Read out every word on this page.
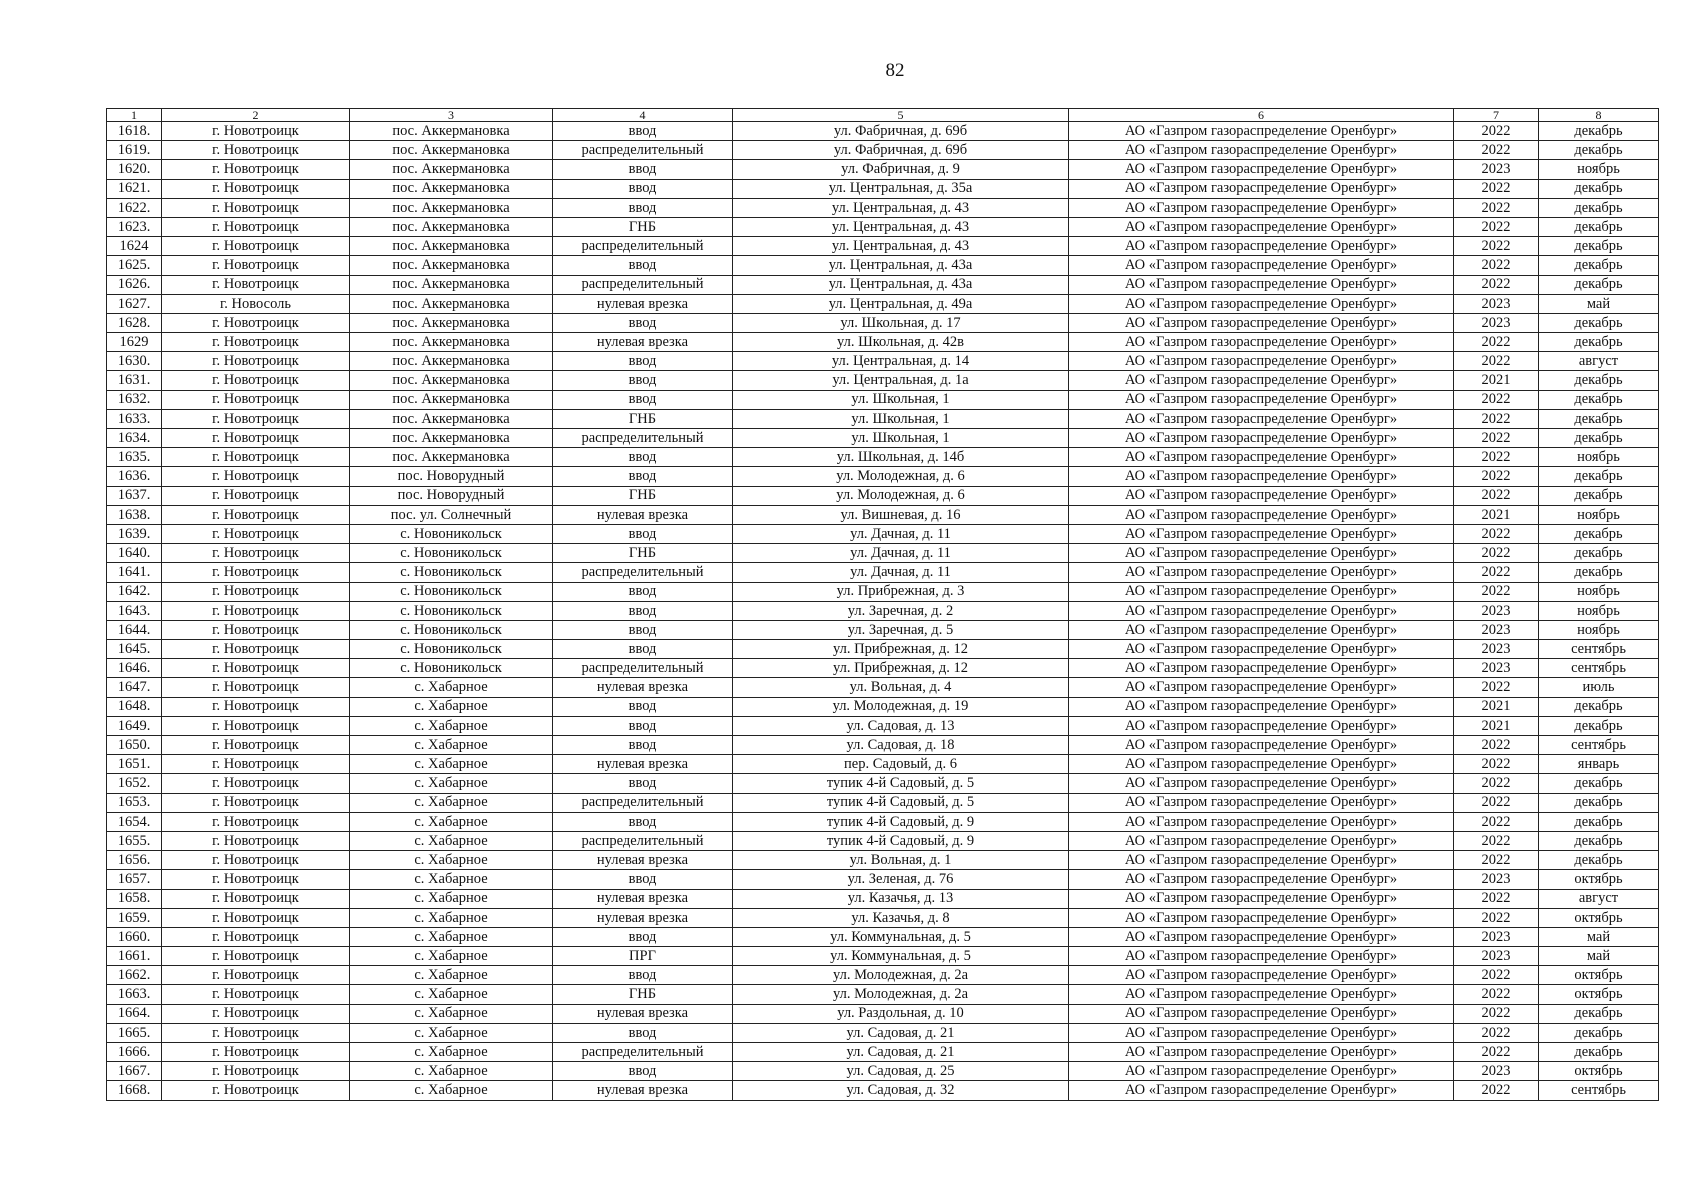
82
1	2	3	4	5	6	7	8
1618.	г. Новотроицк	пос. Аккермановка	ввод	ул. Фабричная, д. 69б	АО «Газпром газораспределение Оренбург»	2022	декабрь
1619.	г. Новотроицк	пос. Аккермановка	распределительный	ул. Фабричная, д. 69б	АО «Газпром газораспределение Оренбург»	2022	декабрь
1620.	г. Новотроицк	пос. Аккермановка	ввод	ул. Фабричная, д. 9	АО «Газпром газораспределение Оренбург»	2023	ноябрь
1621.	г. Новотроицк	пос. Аккермановка	ввод	ул. Центральная, д. 35а	АО «Газпром газораспределение Оренбург»	2022	декабрь
1622.	г. Новотроицк	пос. Аккермановка	ввод	ул. Центральная, д. 43	АО «Газпром газораспределение Оренбург»	2022	декабрь
1623.	г. Новотроицк	пос. Аккермановка	ГНБ	ул. Центральная, д. 43	АО «Газпром газораспределение Оренбург»	2022	декабрь
1624	г. Новотроицк	пос. Аккермановка	распределительный	ул. Центральная, д. 43	АО «Газпром газораспределение Оренбург»	2022	декабрь
1625.	г. Новотроицк	пос. Аккермановка	ввод	ул. Центральная, д. 43а	АО «Газпром газораспределение Оренбург»	2022	декабрь
1626.	г. Новотроицк	пос. Аккермановка	распределительный	ул. Центральная, д. 43а	АО «Газпром газораспределение Оренбург»	2022	декабрь
1627.	г. Новосоль	пос. Аккермановка	нулевая врезка	ул. Центральная, д. 49а	АО «Газпром газораспределение Оренбург»	2023	май
1628.	г. Новотроицк	пос. Аккермановка	ввод	ул. Школьная, д. 17	АО «Газпром газораспределение Оренбург»	2023	декабрь
1629	г. Новотроицк	пос. Аккермановка	нулевая врезка	ул. Школьная, д. 42в	АО «Газпром газораспределение Оренбург»	2022	декабрь
1630.	г. Новотроицк	пос. Аккермановка	ввод	ул. Центральная, д. 14	АО «Газпром газораспределение Оренбург»	2022	август
1631.	г. Новотроицк	пос. Аккермановка	ввод	ул. Центральная, д. 1а	АО «Газпром газораспределение Оренбург»	2021	декабрь
1632.	г. Новотроицк	пос. Аккермановка	ввод	ул. Школьная, 1	АО «Газпром газораспределение Оренбург»	2022	декабрь
1633.	г. Новотроицк	пос. Аккермановка	ГНБ	ул. Школьная, 1	АО «Газпром газораспределение Оренбург»	2022	декабрь
1634.	г. Новотроицк	пос. Аккермановка	распределительный	ул. Школьная, 1	АО «Газпром газораспределение Оренбург»	2022	декабрь
1635.	г. Новотроицк	пос. Аккермановка	ввод	ул. Школьная, д. 14б	АО «Газпром газораспределение Оренбург»	2022	ноябрь
1636.	г. Новотроицк	пос. Новорудный	ввод	ул. Молодежная, д. 6	АО «Газпром газораспределение Оренбург»	2022	декабрь
1637.	г. Новотроицк	пос. Новорудный	ГНБ	ул. Молодежная, д. 6	АО «Газпром газораспределение Оренбург»	2022	декабрь
1638.	г. Новотроицк	пос. ул. Солнечный	нулевая врезка	ул. Вишневая, д. 16	АО «Газпром газораспределение Оренбург»	2021	ноябрь
1639.	г. Новотроицк	с. Новоникольск	ввод	ул. Дачная, д. 11	АО «Газпром газораспределение Оренбург»	2022	декабрь
1640.	г. Новотроицк	с. Новоникольск	ГНБ	ул. Дачная, д. 11	АО «Газпром газораспределение Оренбург»	2022	декабрь
1641.	г. Новотроицк	с. Новоникольск	распределительный	ул. Дачная, д. 11	АО «Газпром газораспределение Оренбург»	2022	декабрь
1642.	г. Новотроицк	с. Новоникольск	ввод	ул. Прибрежная, д. 3	АО «Газпром газораспределение Оренбург»	2022	ноябрь
1643.	г. Новотроицк	с. Новоникольск	ввод	ул. Заречная, д. 2	АО «Газпром газораспределение Оренбург»	2023	ноябрь
1644.	г. Новотроицк	с. Новоникольск	ввод	ул. Заречная, д. 5	АО «Газпром газораспределение Оренбург»	2023	ноябрь
1645.	г. Новотроицк	с. Новоникольск	ввод	ул. Прибрежная, д. 12	АО «Газпром газораспределение Оренбург»	2023	сентябрь
1646.	г. Новотроицк	с. Новоникольск	распределительный	ул. Прибрежная, д. 12	АО «Газпром газораспределение Оренбург»	2023	сентябрь
1647.	г. Новотроицк	с. Хабарное	нулевая врезка	ул. Вольная, д. 4	АО «Газпром газораспределение Оренбург»	2022	июль
1648.	г. Новотроицк	с. Хабарное	ввод	ул. Молодежная, д. 19	АО «Газпром газораспределение Оренбург»	2021	декабрь
1649.	г. Новотроицк	с. Хабарное	ввод	ул. Садовая, д. 13	АО «Газпром газораспределение Оренбург»	2021	декабрь
1650.	г. Новотроицк	с. Хабарное	ввод	ул. Садовая, д. 18	АО «Газпром газораспределение Оренбург»	2022	сентябрь
1651.	г. Новотроицк	с. Хабарное	нулевая врезка	пер. Садовый, д. 6	АО «Газпром газораспределение Оренбург»	2022	январь
1652.	г. Новотроицк	с. Хабарное	ввод	тупик 4-й Садовый, д. 5	АО «Газпром газораспределение Оренбург»	2022	декабрь
1653.	г. Новотроицк	с. Хабарное	распределительный	тупик 4-й Садовый, д. 5	АО «Газпром газораспределение Оренбург»	2022	декабрь
1654.	г. Новотроицк	с. Хабарное	ввод	тупик 4-й Садовый, д. 9	АО «Газпром газораспределение Оренбург»	2022	декабрь
1655.	г. Новотроицк	с. Хабарное	распределительный	тупик 4-й Садовый, д. 9	АО «Газпром газораспределение Оренбург»	2022	декабрь
1656.	г. Новотроицк	с. Хабарное	нулевая врезка	ул. Вольная, д. 1	АО «Газпром газораспределение Оренбург»	2022	декабрь
1657.	г. Новотроицк	с. Хабарное	ввод	ул. Зеленая, д. 76	АО «Газпром газораспределение Оренбург»	2023	октябрь
1658.	г. Новотроицк	с. Хабарное	нулевая врезка	ул. Казачья, д. 13	АО «Газпром газораспределение Оренбург»	2022	август
1659.	г. Новотроицк	с. Хабарное	нулевая врезка	ул. Казачья, д. 8	АО «Газпром газораспределение Оренбург»	2022	октябрь
1660.	г. Новотроицк	с. Хабарное	ввод	ул. Коммунальная, д. 5	АО «Газпром газораспределение Оренбург»	2023	май
1661.	г. Новотроицк	с. Хабарное	ПРГ	ул. Коммунальная, д. 5	АО «Газпром газораспределение Оренбург»	2023	май
1662.	г. Новотроицк	с. Хабарное	ввод	ул. Молодежная, д. 2а	АО «Газпром газораспределение Оренбург»	2022	октябрь
1663.	г. Новотроицк	с. Хабарное	ГНБ	ул. Молодежная, д. 2а	АО «Газпром газораспределение Оренбург»	2022	октябрь
1664.	г. Новотроицк	с. Хабарное	нулевая врезка	ул. Раздольная, д. 10	АО «Газпром газораспределение Оренбург»	2022	декабрь
1665.	г. Новотроицк	с. Хабарное	ввод	ул. Садовая, д. 21	АО «Газпром газораспределение Оренбург»	2022	декабрь
1666.	г. Новотроицк	с. Хабарное	распределительный	ул. Садовая, д. 21	АО «Газпром газораспределение Оренбург»	2022	декабрь
1667.	г. Новотроицк	с. Хабарное	ввод	ул. Садовая, д. 25	АО «Газпром газораспределение Оренбург»	2023	октябрь
1668.	г. Новотроицк	с. Хабарное	нулевая врезка	ул. Садовая, д. 32	АО «Газпром газораспределение Оренбург»	2022	сентябрь
